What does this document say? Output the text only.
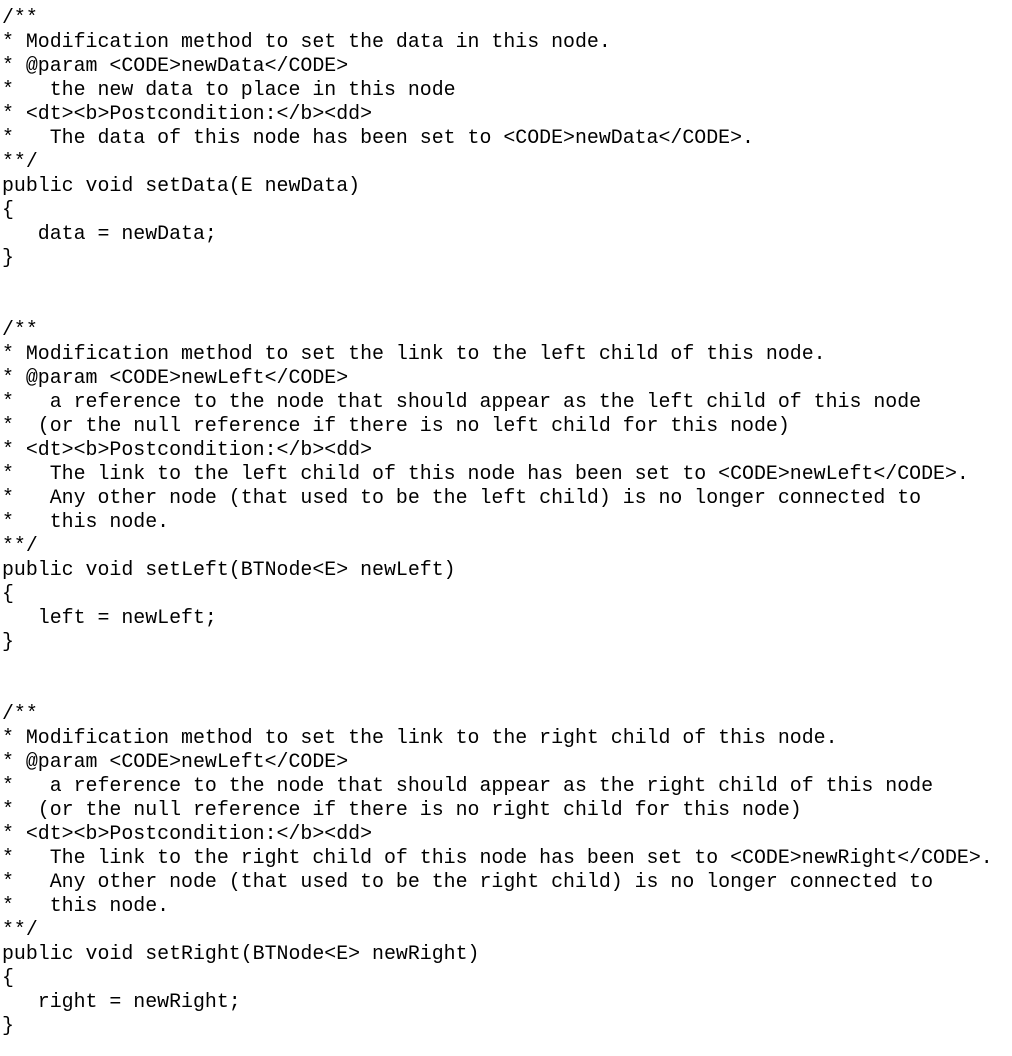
/**
* Modification method to set the data in this node.
* @param <CODE>newData</CODE>
*   the new data to place in this node
* <dt><b>Postcondition:</b><dd>
*   The data of this node has been set to <CODE>newData</CODE>.
**/
public void setData(E newData)
{
data = newData;
}
/**
* Modification method to set the link to the left child of this node.
* @param <CODE>newLeft</CODE>
*   a reference to the node that should appear as the left child of this node
*  (or the null reference if there is no left child for this node)
* <dt><b>Postcondition:</b><dd>
*   The link to the left child of this node has been set to <CODE>newLeft</CODE>.
*   Any other node (that used to be the left child) is no longer connected to
*   this node.
**/
public void setLeft(BTNode<E> newLeft)
{
left = newLeft;
}
/**
* Modification method to set the link to the right child of this node.
* @param <CODE>newLeft</CODE>
*   a reference to the node that should appear as the right child of this node
*  (or the null reference if there is no right child for this node)
* <dt><b>Postcondition:</b><dd>
*   The link to the right child of this node has been set to <CODE>newRight</CODE>.
*   Any other node (that used to be the right child) is no longer connected to
*   this node.
**/
public void setRight(BTNode<E> newRight)
{
right = newRight;
}
